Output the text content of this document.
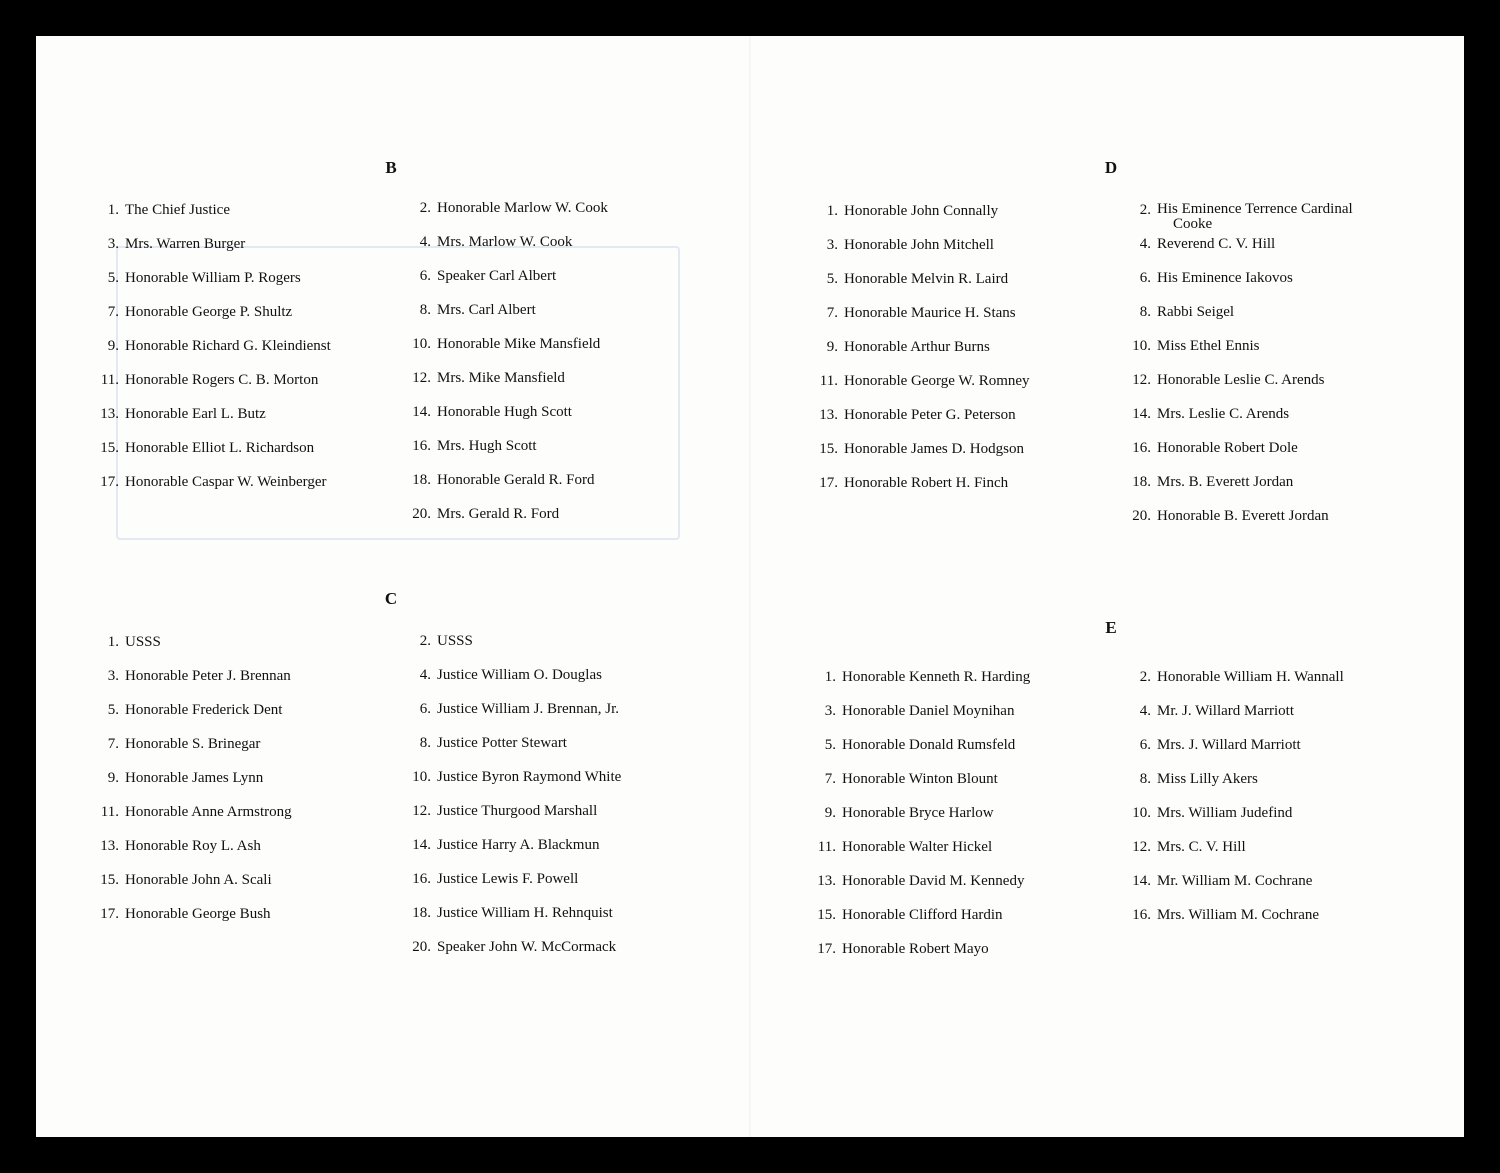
B
1. The Chief Justice
3. Mrs. Warren Burger
5. Honorable William P. Rogers
7. Honorable George P. Shultz
9. Honorable Richard G. Kleindienst
11. Honorable Rogers C. B. Morton
13. Honorable Earl L. Butz
15. Honorable Elliot L. Richardson
17. Honorable Caspar W. Weinberger
2. Honorable Marlow W. Cook
4. Mrs. Marlow W. Cook
6. Speaker Carl Albert
8. Mrs. Carl Albert
10. Honorable Mike Mansfield
12. Mrs. Mike Mansfield
14. Honorable Hugh Scott
16. Mrs. Hugh Scott
18. Honorable Gerald R. Ford
20. Mrs. Gerald R. Ford
C
1. USSS
3. Honorable Peter J. Brennan
5. Honorable Frederick Dent
7. Honorable S. Brinegar
9. Honorable James Lynn
11. Honorable Anne Armstrong
13. Honorable Roy L. Ash
15. Honorable John A. Scali
17. Honorable George Bush
2. USSS
4. Justice William O. Douglas
6. Justice William J. Brennan, Jr.
8. Justice Potter Stewart
10. Justice Byron Raymond White
12. Justice Thurgood Marshall
14. Justice Harry A. Blackmun
16. Justice Lewis F. Powell
18. Justice William H. Rehnquist
20. Speaker John W. McCormack
D
1. Honorable John Connally
3. Honorable John Mitchell
5. Honorable Melvin R. Laird
7. Honorable Maurice H. Stans
9. Honorable Arthur Burns
11. Honorable George W. Romney
13. Honorable Peter G. Peterson
15. Honorable James D. Hodgson
17. Honorable Robert H. Finch
2. His Eminence Terrence Cardinal
Cooke
4. Reverend C. V. Hill
6. His Eminence Iakovos
8. Rabbi Seigel
10. Miss Ethel Ennis
12. Honorable Leslie C. Arends
14. Mrs. Leslie C. Arends
16. Honorable Robert Dole
18. Mrs. B. Everett Jordan
20. Honorable B. Everett Jordan
E
1. Honorable Kenneth R. Harding
3. Honorable Daniel Moynihan
5. Honorable Donald Rumsfeld
7. Honorable Winton Blount
9. Honorable Bryce Harlow
11. Honorable Walter Hickel
13. Honorable David M. Kennedy
15. Honorable Clifford Hardin
17. Honorable Robert Mayo
2. Honorable William H. Wannall
4. Mr. J. Willard Marriott
6. Mrs. J. Willard Marriott
8. Miss Lilly Akers
10. Mrs. William Judefind
12. Mrs. C. V. Hill
14. Mr. William M. Cochrane
16. Mrs. William M. Cochrane
